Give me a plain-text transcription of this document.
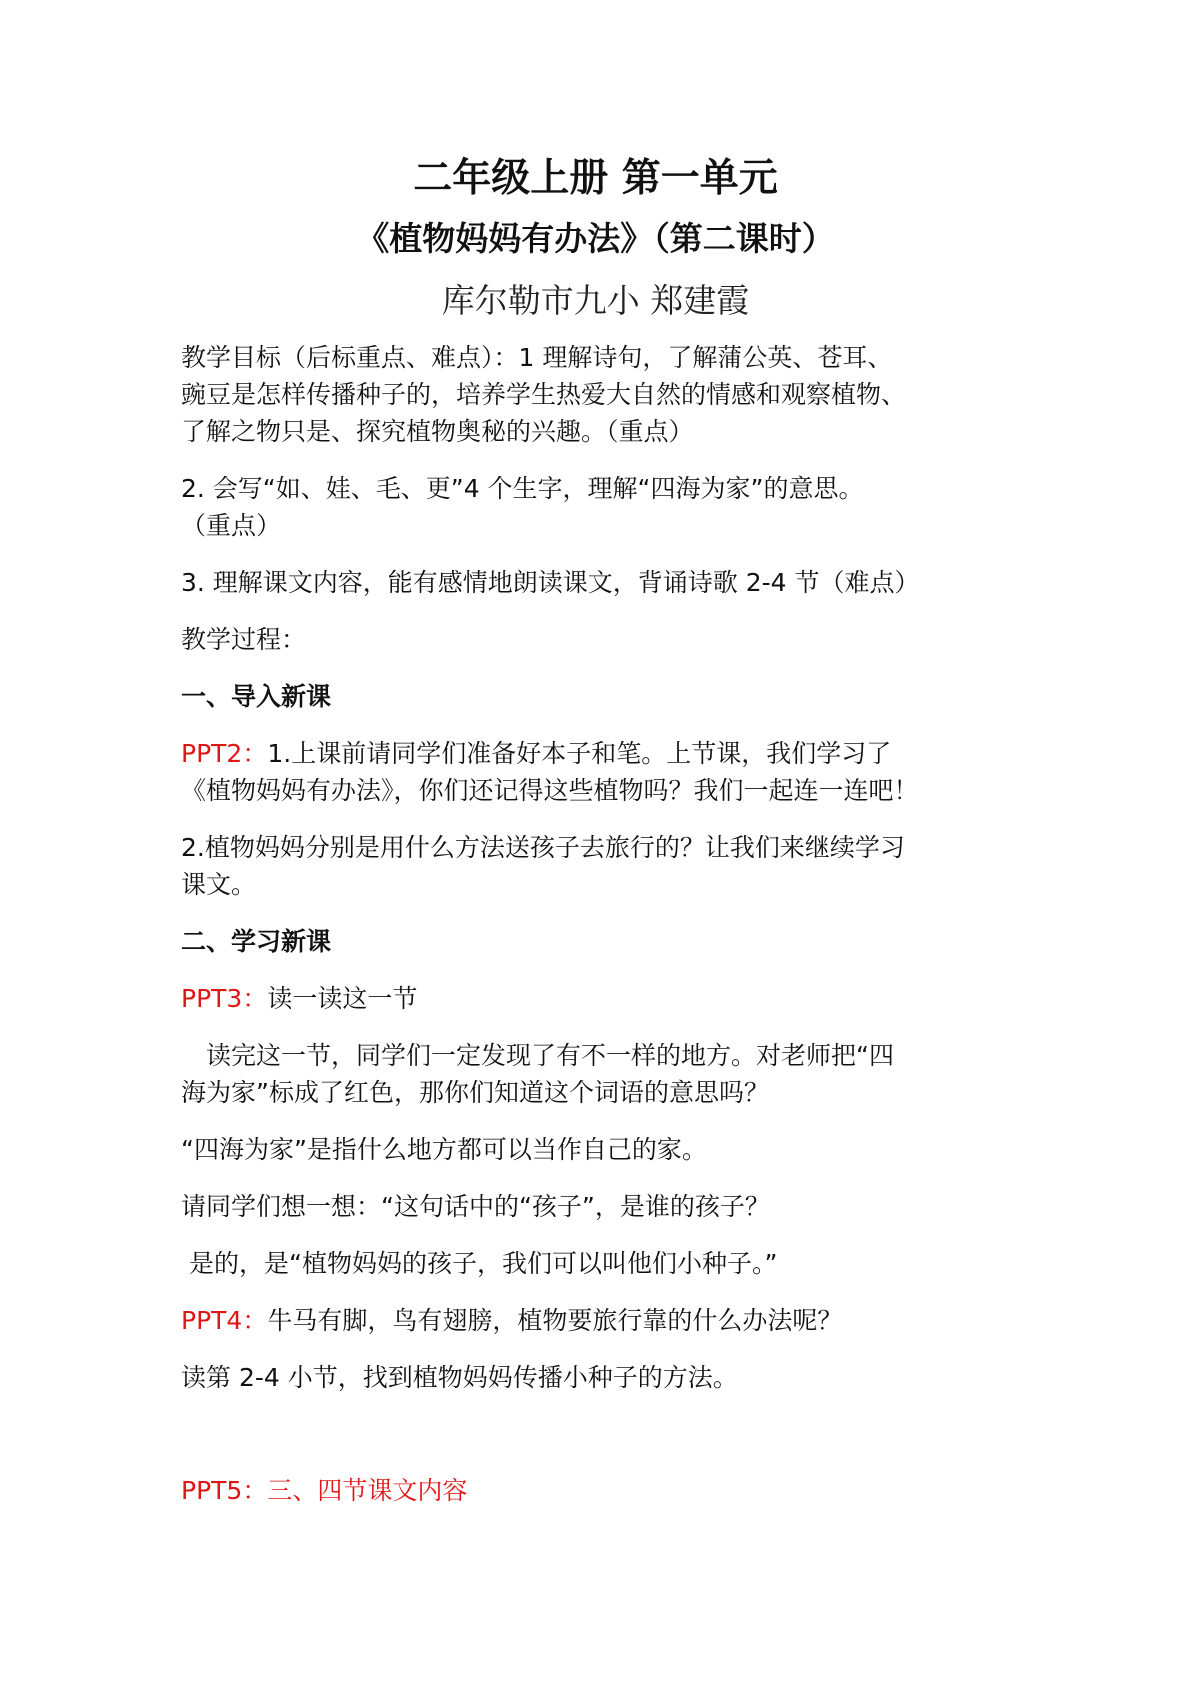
二年级上册 第一单元
《植物妈妈有办法》（第二课时）
库尔勒市九小 郑建霞
教学目标（后标重点、难点）：1 理解诗句，了解蒲公英、苍耳、
豌豆是怎样传播种子的，培养学生热爱大自然的情感和观察植物、
了解之物只是、探究植物奥秘的兴趣。（重点）
2. 会写“如、娃、毛、更”4 个生字，理解“四海为家”的意思。
（重点）
3. 理解课文内容，能有感情地朗读课文，背诵诗歌 2-4 节（难点）
教学过程：
一、导入新课
PPT2：1.上课前请同学们准备好本子和笔。上节课，我们学习了
《植物妈妈有办法》，你们还记得这些植物吗？我们一起连一连吧！
2.植物妈妈分别是用什么方法送孩子去旅行的？让我们来继续学习
课文。
二、学习新课
PPT3：读一读这一节
读完这一节，同学们一定发现了有不一样的地方。对老师把“四
海为家”标成了红色，那你们知道这个词语的意思吗？
“四海为家”是指什么地方都可以当作自己的家。
请同学们想一想：“这句话中的“孩子”，是谁的孩子？
是的，是“植物妈妈的孩子，我们可以叫他们小种子。”
PPT4：牛马有脚，鸟有翅膀，植物要旅行靠的什么办法呢？
读第 2-4 小节，找到植物妈妈传播小种子的方法。
PPT5：三、四节课文内容
